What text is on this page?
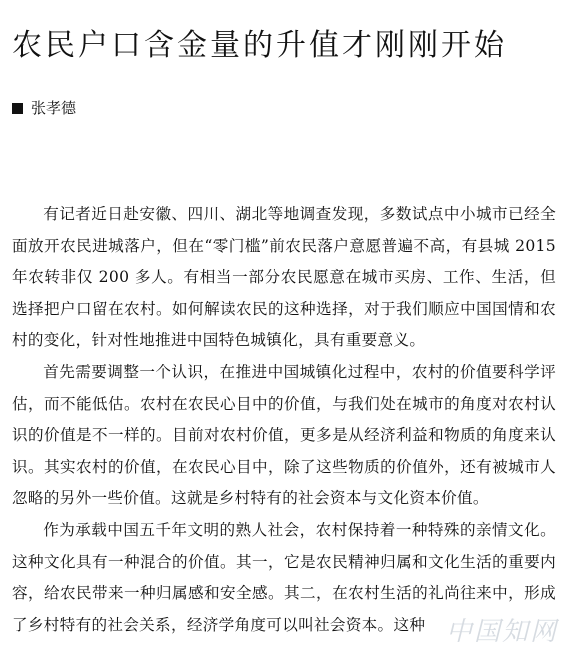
农民户口含金量的升值才刚刚开始
张孝德

有记者近日赴安徽、四川、湖北等地调查发现，多数试点中小城市已经全面放开农民进城落户，但在“零门槛”前农民落户意愿普遍不高，有县城 2015 年农转非仅 200 多人。有相当一部分农民愿意在城市买房、工作、生活，但选择把户口留在农村。如何解读农民的这种选择，对于我们顺应中国国情和农村的变化，针对性地推进中国特色城镇化，具有重要意义。

首先需要调整一个认识，在推进中国城镇化过程中，农村的价值要科学评估，而不能低估。农村在农民心目中的价值，与我们处在城市的角度对农村认识的价值是不一样的。目前对农村价值，更多是从经济利益和物质的角度来认识。其实农村的价值，在农民心目中，除了这些物质的价值外，还有被城市人忽略的另外一些价值。这就是乡村特有的社会资本与文化资本价值。

作为承载中国五千年文明的熟人社会，农村保持着一种特殊的亲情文化。这种文化具有一种混合的价值。其一，它是农民精神归属和文化生活的重要内容，给农民带来一种归属感和安全感。其二，在农村生活的礼尚往来中，形成了乡村特有的社会关系，经济学角度可以叫社会资本。这种 中国知网
